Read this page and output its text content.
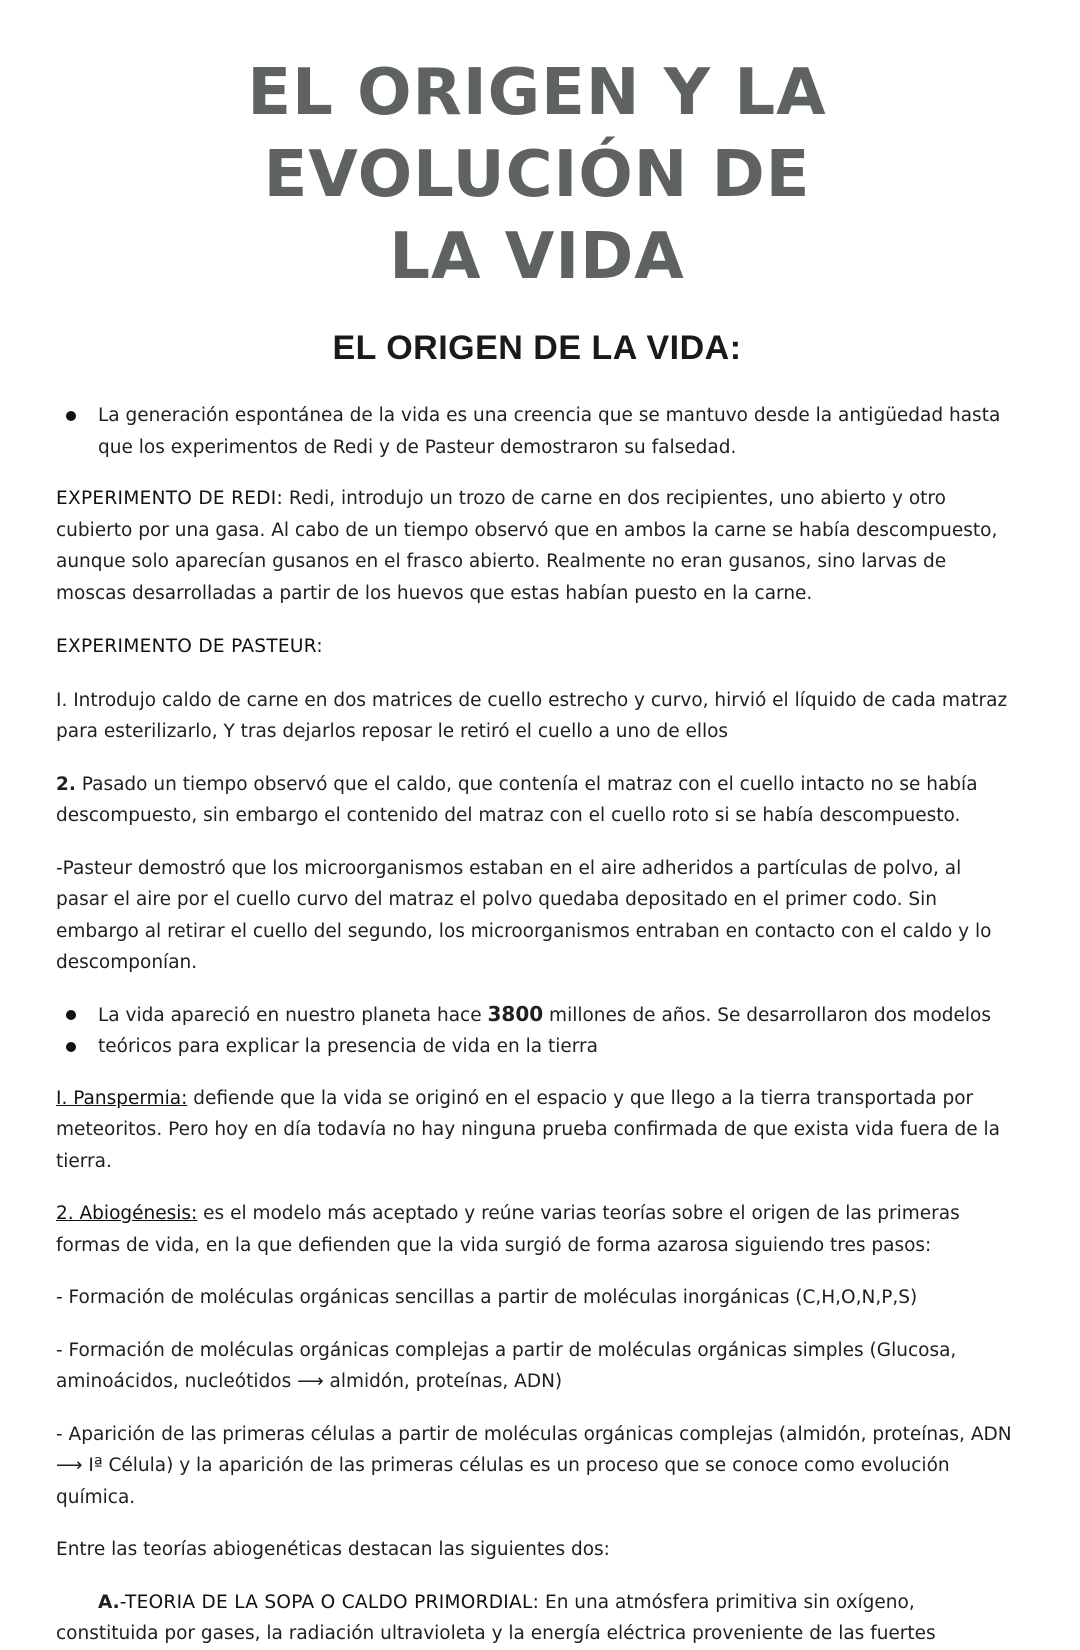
EL ORIGEN Y LA EVOLUCIÓN DE
LA VIDA
EL ORIGEN DE LA VIDA:
La generación espontánea de la vida es una creencia que se mantuvo desde la antigüedad hasta que los experimentos de Redi y de Pasteur demostraron su falsedad.

EXPERIMENTO DE REDI: Redi, introdujo un trozo de carne en dos recipientes, uno abierto y otro cubierto por una gasa. Al cabo de un tiempo observó que en ambos la carne se había descompuesto, aunque solo aparecían gusanos en el frasco abierto. Realmente no eran gusanos, sino larvas de moscas desarrolladas a partir de los huevos que estas habían puesto en la carne.

EXPERIMENTO DE PASTEUR:

I. Introdujo caldo de carne en dos matrices de cuello estrecho y curvo, hirvió el líquido de cada matraz para esterilizarlo, Y tras dejarlos reposar le retiró el cuello a uno de ellos

2. Pasado un tiempo observó que el caldo, que contenía el matraz con el cuello intacto no se había descompuesto, sin embargo el contenido del matraz con el cuello roto si se había descompuesto.

-Pasteur demostró que los microorganismos estaban en el aire adheridos a partículas de polvo, al pasar el aire por el cuello curvo del matraz el polvo quedaba depositado en el primer codo. Sin embargo al retirar el cuello del segundo, los microorganismos entraban en contacto con el caldo y lo descomponían.

La vida apareció en nuestro planeta hace 3800 millones de años. Se desarrollaron dos modelos
teóricos para explicar la presencia de vida en la tierra

I. Panspermia: defiende que la vida se originó en el espacio y que llego a la tierra transportada por meteoritos. Pero hoy en día todavía no hay ninguna prueba confirmada de que exista vida fuera de la tierra.

2. Abiogénesis: es el modelo más aceptado y reúne varias teorías sobre el origen de las primeras formas de vida, en la que defienden que la vida surgió de forma azarosa siguiendo tres pasos:

- Formación de moléculas orgánicas sencillas a partir de moléculas inorgánicas (C,H,O,N,P,S)

- Formación de moléculas orgánicas complejas a partir de moléculas orgánicas simples (Glucosa, aminoácidos, nucleótidos ⟶ almidón, proteínas, ADN)

- Aparición de las primeras células a partir de moléculas orgánicas complejas (almidón, proteínas, ADN ⟶ Iª Célula) y la aparición de las primeras células es un proceso que se conoce como evolución química.

Entre las teorías abiogenéticas destacan las siguientes dos:

A.-TEORIA DE LA SOPA O CALDO PRIMORDIAL: En una atmósfera primitiva sin oxígeno, constituida por gases, la radiación ultravioleta y la energía eléctrica proveniente de las fuertes
